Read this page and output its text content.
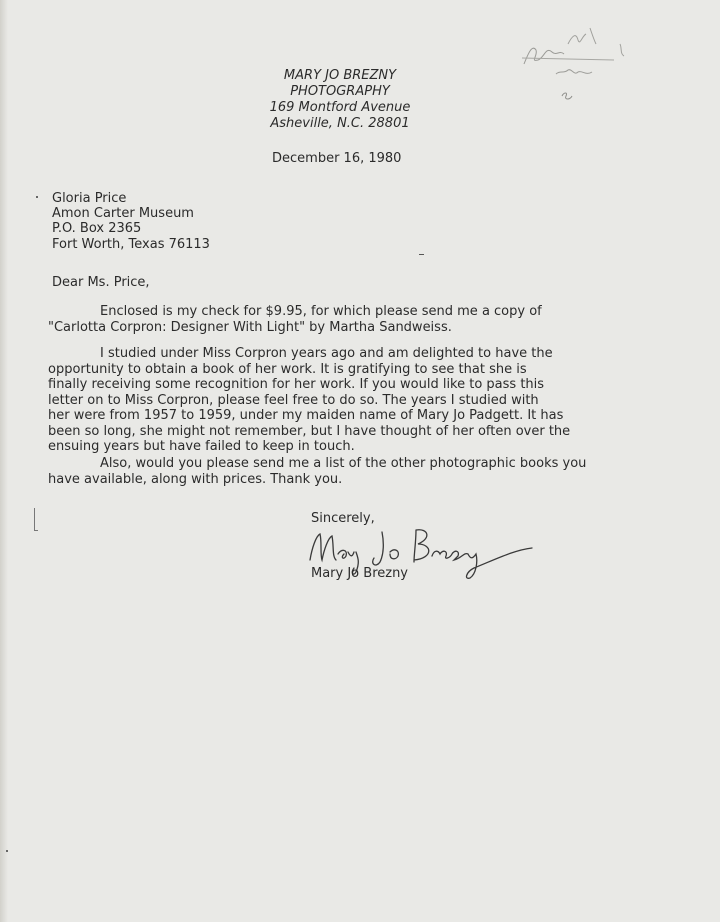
MARY JO BREZNY
PHOTOGRAPHY
169 Montford Avenue
Asheville, N.C. 28801
December 16, 1980
Gloria Price
Amon Carter Museum
P.O. Box 2365
Fort Worth, Texas 76113
Dear Ms. Price,
Enclosed is my check for $9.95, for which please send me a copy of
"Carlotta Corpron: Designer With Light" by Martha Sandweiss.
I studied under Miss Corpron years ago and am delighted to have the
opportunity to obtain a book of her work. It is gratifying to see that she is
finally receiving some recognition for her work. If you would like to pass this
letter on to Miss Corpron, please feel free to do so. The years I studied with
her were from 1957 to 1959, under my maiden name of Mary Jo Padgett. It has
been so long, she might not remember, but I have thought of her often over the
ensuing years but have failed to keep in touch.
Also, would you please send me a list of the other photographic books you
have available, along with prices. Thank you.
Sincerely,
Mary Jo Brezny
